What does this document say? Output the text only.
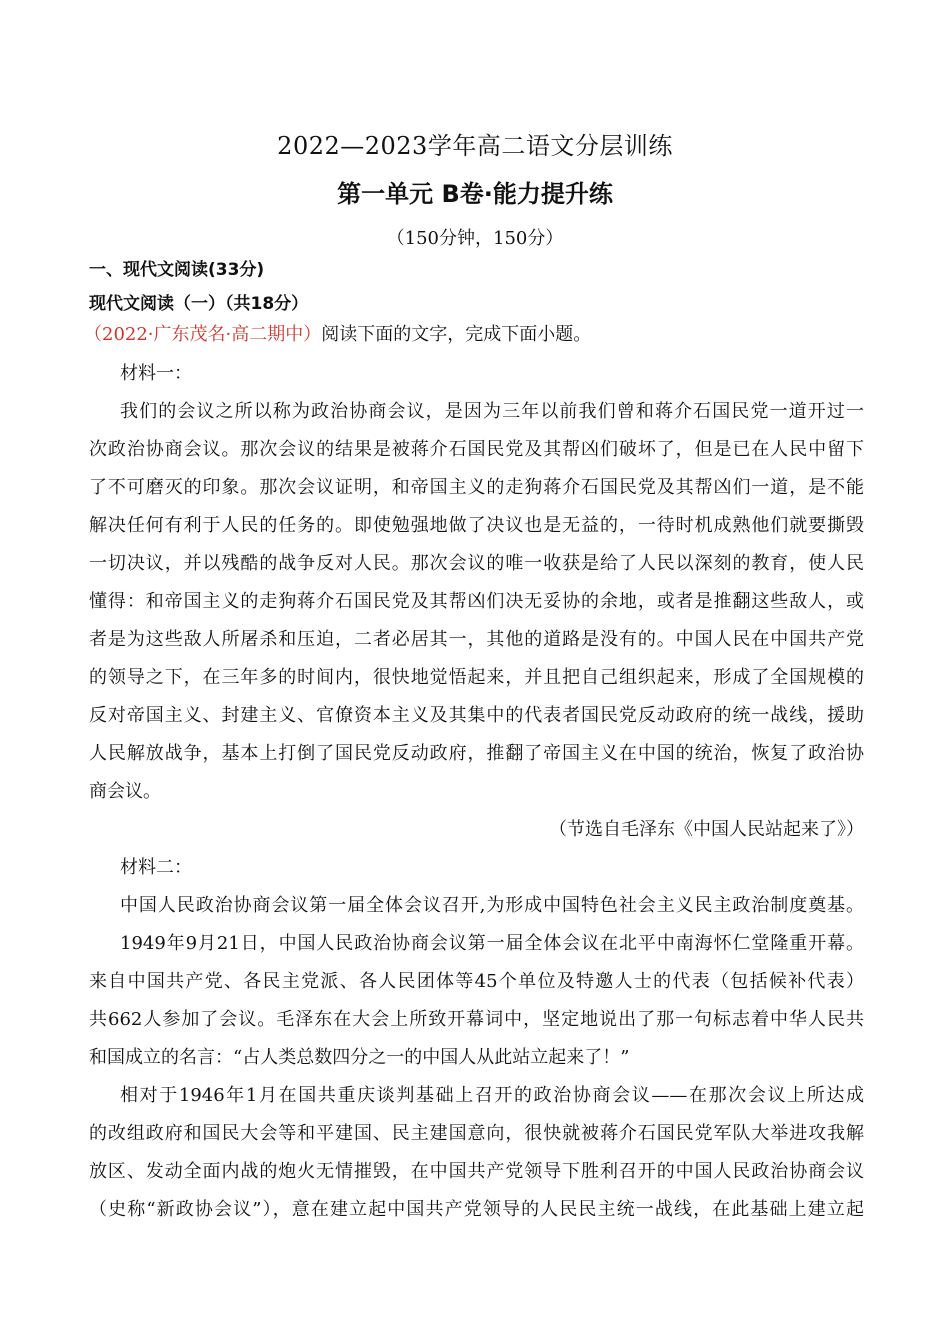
2022—2023学年高二语文分层训练
第一单元 B卷·能力提升练
（150分钟，150分）
一、现代文阅读(33分)
现代文阅读（一）（共18分）
（2022·广东茂名·高二期中）阅读下面的文字，完成下面小题。
材料一：
我们的会议之所以称为政治协商会议，是因为三年以前我们曾和蒋介石国民党一道开过一
次政治协商会议。那次会议的结果是被蒋介石国民党及其帮凶们破坏了，但是已在人民中留下
了不可磨灭的印象。那次会议证明，和帝国主义的走狗蒋介石国民党及其帮凶们一道，是不能
解决任何有利于人民的任务的。即使勉强地做了决议也是无益的，一待时机成熟他们就要撕毁
一切决议，并以残酷的战争反对人民。那次会议的唯一收获是给了人民以深刻的教育，使人民
懂得：和帝国主义的走狗蒋介石国民党及其帮凶们决无妥协的余地，或者是推翻这些敌人，或
者是为这些敌人所屠杀和压迫，二者必居其一，其他的道路是没有的。中国人民在中国共产党
的领导之下，在三年多的时间内，很快地觉悟起来，并且把自己组织起来，形成了全国规模的
反对帝国主义、封建主义、官僚资本主义及其集中的代表者国民党反动政府的统一战线，援助
人民解放战争，基本上打倒了国民党反动政府，推翻了帝国主义在中国的统治，恢复了政治协
商会议。
（节选自毛泽东《中国人民站起来了》）
材料二：
中国人民政治协商会议第一届全体会议召开,为形成中国特色社会主义民主政治制度奠基。
1949年9月21日，中国人民政治协商会议第一届全体会议在北平中南海怀仁堂隆重开幕。
来自中国共产党、各民主党派、各人民团体等45个单位及特邀人士的代表（包括候补代表）
共662人参加了会议。毛泽东在大会上所致开幕词中，坚定地说出了那一句标志着中华人民共
和国成立的名言：“占人类总数四分之一的中国人从此站立起来了！”
相对于1946年1月在国共重庆谈判基础上召开的政治协商会议——在那次会议上所达成
的改组政府和国民大会等和平建国、民主建国意向，很快就被蒋介石国民党军队大举进攻我解
放区、发动全面内战的炮火无情摧毁，在中国共产党领导下胜利召开的中国人民政治协商会议
（史称“新政协会议”），意在建立起中国共产党领导的人民民主统一战线，在此基础上建立起
